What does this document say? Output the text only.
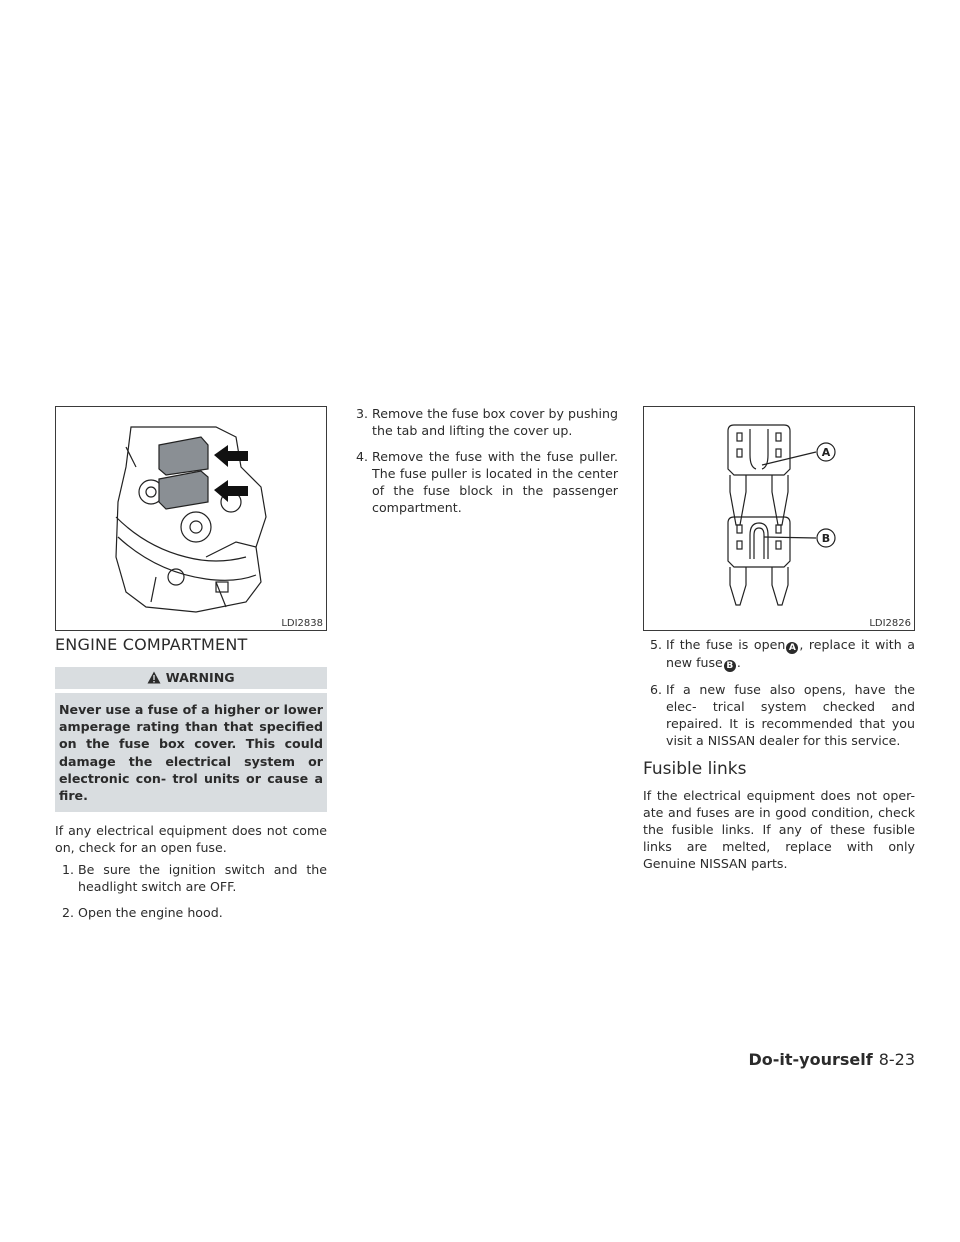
LDI2838
ENGINE COMPARTMENT
WARNING
Never use a fuse of a higher or lower amperage rating than that specified on the fuse box cover. This could damage the electrical system or electronic con- trol units or cause a fire.

If any electrical equipment does not come on, check for an open fuse.

1.
Be sure the ignition switch and the headlight switch are OFF.
2.
Open the engine hood.
3.
Remove the fuse box cover by pushing the tab and lifting the cover up.
4.
Remove the fuse with the fuse puller. The fuse puller is located in the center of the fuse block in the passenger compartment.
A
B
LDI2826
5.
If the fuse is open A , replace it with a new fuse B .
6.
If a new fuse also opens, have the elec- trical system checked and repaired. It is recommended that you visit a NISSAN dealer for this service.
Fusible links

If the electrical equipment does not oper- ate and fuses are in good condition, check the fusible links. If any of these fusible links are melted, replace with only Genuine NISSAN parts.

Do-it-yourself 8-23
